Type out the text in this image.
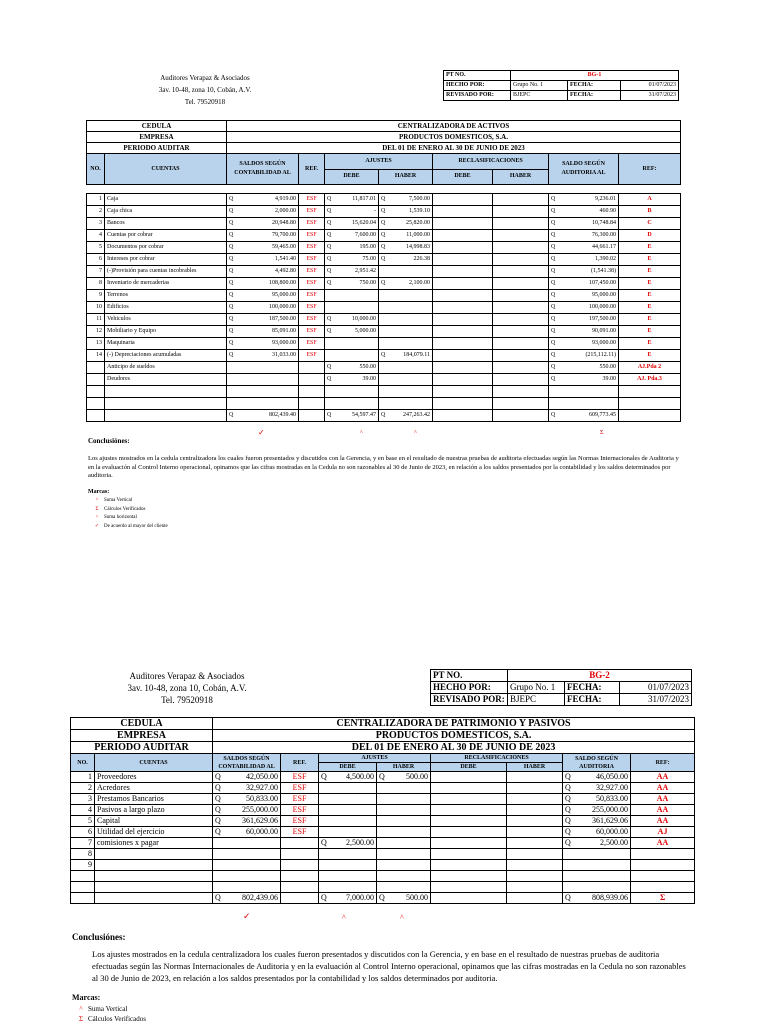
Auditores Verapaz & Asociados
3av. 10-48, zona 10, Cobán, A.V.
Tel. 79520918
PT NO.	BG-1		
HECHO POR:	Grupo No. 1	FECHA:	01/07/2023
REVISADO POR:	BJEPC	FECHA:	31/07/2023
CEDULA		CENTRALIZADORA DE ACTIVOS							
EMPRESA		PRODUCTOS DOMESTICOS, S.A.							
PERIODO AUDITAR		DEL 01 DE ENERO AL 30 DE JUNIO DE 2023							
NO.	CUENTAS	SALDOS SEGÚN CONTABILIDAD AL	REF.	AJUSTES		RECLASIFICACIONES		SALDO SEGÚN AUDITORIA AL	REF:
				DEBE	HABER	DEBE	HABER		

1	Caja	Q 4,919.00	ESF	Q 11,817.01	Q 7,500.00			Q 9,236.01	A
2	Caja chica	Q 2,000.00	ESF	Q -	Q 1,539.10			Q 460.90	B
3	Bancos	Q 20,948.80	ESF	Q 15,620.04	Q 25,820.00			Q 10,748.84	C
4	Cuentas por cobrar	Q 79,700.00	ESF	Q 7,600.00	Q 11,000.00			Q 76,300.00	D
5	Documentos por cobrar	Q 59,465.00	ESF	Q 195.00	Q 14,998.83			Q 44,661.17	E
6	Intereses por cobrar	Q 1,541.40	ESF	Q 75.00	Q 226.38			Q 1,390.02	E
7	(-)Provisión para cuentas incobrables	Q 4,492.80	ESF	Q 2,951.42				Q (1,541.38)	E
8	Inventario de mercaderias	Q 108,800.00	ESF	Q 750.00	Q 2,100.00			Q 107,450.00	E
9	Terrenos	Q 95,000.00	ESF					Q 95,000.00	E
10	Edificios	Q 100,000.00	ESF					Q 100,000.00	E
11	Vehiculos	Q 187,500.00	ESF	Q 10,000.00				Q 197,500.00	E
12	Mobiliario y Equipo	Q 85,091.00	ESF	Q 5,000.00				Q 90,091.00	E
13	Maquinaria	Q 93,000.00	ESF					Q 93,000.00	E
14	(-) Depreciaciones acumuladas	Q 31,033.00	ESF		Q 184,079.11			Q (215,112.11)	E
	Anticipo de sueldos			Q 550.00				Q 550.00	AJ.Pda 2
	Deudores			Q 39.00				Q 39.00	AJ. Pda.3

		Q 802,439.40		Q 54,597.47	Q 247,263.42			Q 609,773.45	

✓	^	^	Σ
Conclusiónes:
Los ajustes mostrados en la cedula centralizadora los cuales fueron presentados y discutidos con la Gerencia, y en base en el resultado de nuestras pruebas de auditoria efectuadas según las Normas Internacionales de Auditoria y en la evaluación al Control Interno operacional, opinamos que las cifras mostradas en la Cedula no son razonables al 30 de Junio de 2023, en relación a los saldos presentados por la contabilidad y los saldos determinados por auditoria.
Marcas:
^	Suma Vertical
Σ	Cálculos Verificados
>	Suma horizontal
✓ De acuerdo al mayor del cliente
Auditores Verapaz & Asociados
3av. 10-48, zona 10, Cobán, A.V.
Tel. 79520918
PT NO.	BG-2		
HECHO POR:	Grupo No. 1	FECHA:	01/07/2023
REVISADO POR:	BJEPC	FECHA:	31/07/2023
CEDULA		CENTRALIZADORA DE PATRIMONIO Y PASIVOS							
EMPRESA		PRODUCTOS DOMESTICOS, S.A.							
PERIODO AUDITAR		DEL 01 DE ENERO AL 30 DE JUNIO DE 2023							
NO.	CUENTAS	SALDOS SEGÚN CONTABILIDAD AL	REF.	AJUSTES		RECLASIFICACIONES		SALDO SEGÚN AUDITORIA	REF:
				DEBE	HABER	DEBE	HABER		
1	Proveedores	Q 42,050.00	ESF	Q 4,500.00	Q 500.00			Q 46,050.00	AA
2	Acredores	Q 32,927.00	ESF					Q 32,927.00	AA
3	Prestamos Bancarios	Q 50,833.00	ESF					Q 50,833.00	AA
4	Pasivos a largo plazo	Q 255,000.00	ESF					Q 255,000.00	AA
5	Capital	Q 361,629.06	ESF					Q 361,629.06	AA
6	Utilidad del ejercicio	Q 60,000.00	ESF					Q 60,000.00	AJ
7	comisiones x pagar			Q 2,500.00				Q 2,500.00	AA
8									
9									

		Q 802,439.06		Q 7,000.00	Q 500.00			Q 808,939.06	Σ
✓	^	^
Conclusiónes:
Los ajustes mostrados en la cedula centralizadora los cuales fueron presentados y discutidos con la Gerencia, y en base en el resultado de nuestras pruebas de auditoria efectuadas según las Normas Internacionales de Auditoria y en la evaluación al Control Interno operacional, opinamos que las cifras mostradas en la Cedula no son razonables al 30 de Junio de 2023, en relación a los saldos presentados por la contabilidad y los saldos determinados por auditoria.
Marcas:
^ Suma Vertical
Σ Cálculos Verificados
